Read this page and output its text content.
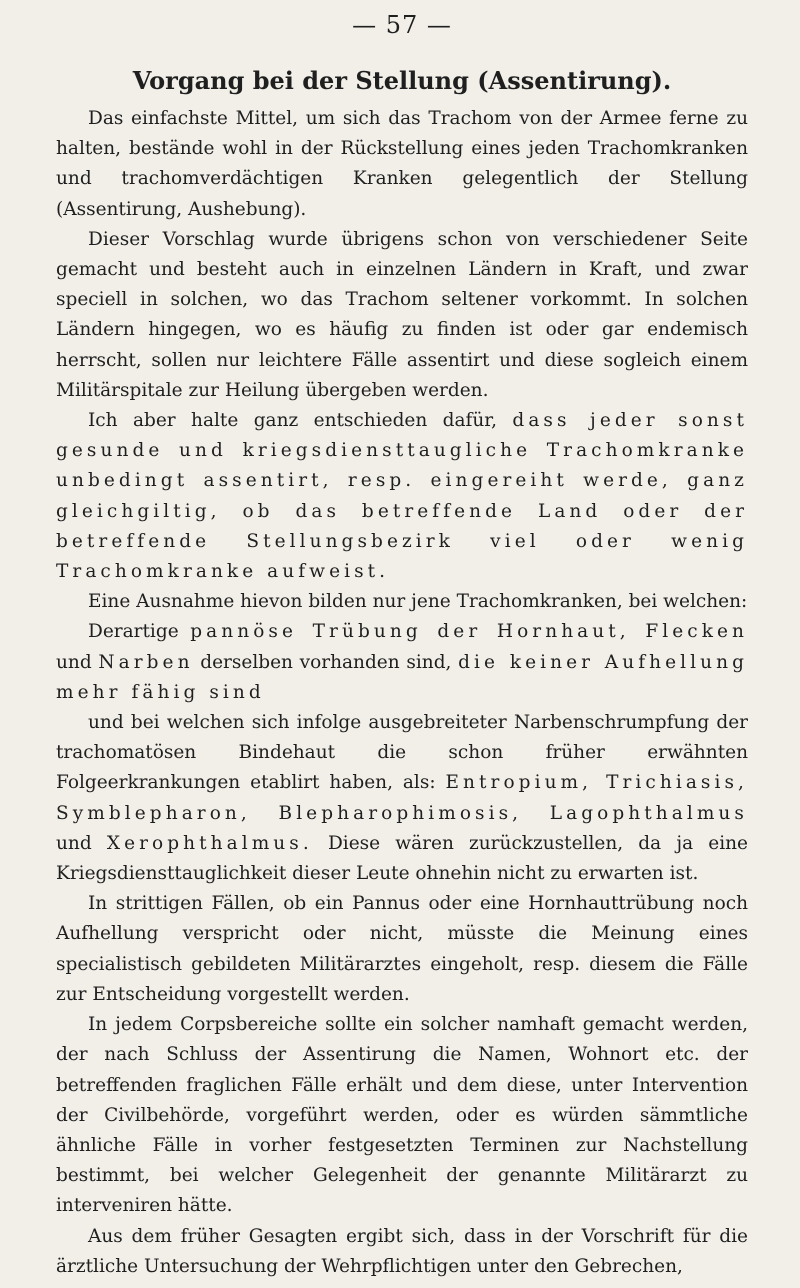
— 57 —
Vorgang bei der Stellung (Assentirung).

Das einfachste Mittel, um sich das Trachom von der Armee ferne zu halten, bestände wohl in der Rückstellung eines jeden Trachomkranken und trachomverdächtigen Kranken gelegentlich der Stellung (Assentirung, Aushebung).

Dieser Vorschlag wurde übrigens schon von verschiedener Seite gemacht und besteht auch in einzelnen Ländern in Kraft, und zwar speciell in solchen, wo das Trachom seltener vorkommt. In solchen Ländern hingegen, wo es häufig zu finden ist oder gar endemisch herrscht, sollen nur leichtere Fälle assentirt und diese sogleich einem Militärspitale zur Heilung übergeben werden.

Ich aber halte ganz entschieden dafür, dass jeder sonst gesunde und kriegsdiensttaugliche Trachomkranke unbedingt assentirt, resp. eingereiht werde, ganz gleichgiltig, ob das betreffende Land oder der betreffende Stellungsbezirk viel oder wenig Trachomkranke aufweist.

Eine Ausnahme hievon bilden nur jene Trachomkranken, bei welchen:

Derartige pannöse Trübung der Hornhaut, Flecken und Narben derselben vorhanden sind, die keiner Aufhellung mehr fähig sind

und bei welchen sich infolge ausgebreiteter Narbenschrumpfung der trachomatösen Bindehaut die schon früher erwähnten Folgeerkrankungen etablirt haben, als: Entropium, Trichiasis, Symblepharon, Blepharophimosis, Lagophthalmus und Xerophthalmus. Diese wären zurückzustellen, da ja eine Kriegsdiensttauglichkeit dieser Leute ohnehin nicht zu erwarten ist.

In strittigen Fällen, ob ein Pannus oder eine Hornhauttrübung noch Aufhellung verspricht oder nicht, müsste die Meinung eines specialistisch gebildeten Militärarztes eingeholt, resp. diesem die Fälle zur Entscheidung vorgestellt werden.

In jedem Corpsbereiche sollte ein solcher namhaft gemacht werden, der nach Schluss der Assentirung die Namen, Wohnort etc. der betreffenden fraglichen Fälle erhält und dem diese, unter Intervention der Civilbehörde, vorgeführt werden, oder es würden sämmtliche ähnliche Fälle in vorher festgesetzten Terminen zur Nachstellung bestimmt, bei welcher Gelegenheit der genannte Militärarzt zu interveniren hätte.

Aus dem früher Gesagten ergibt sich, dass in der Vorschrift für die ärztliche Untersuchung der Wehrpflichtigen unter den Gebrechen,
